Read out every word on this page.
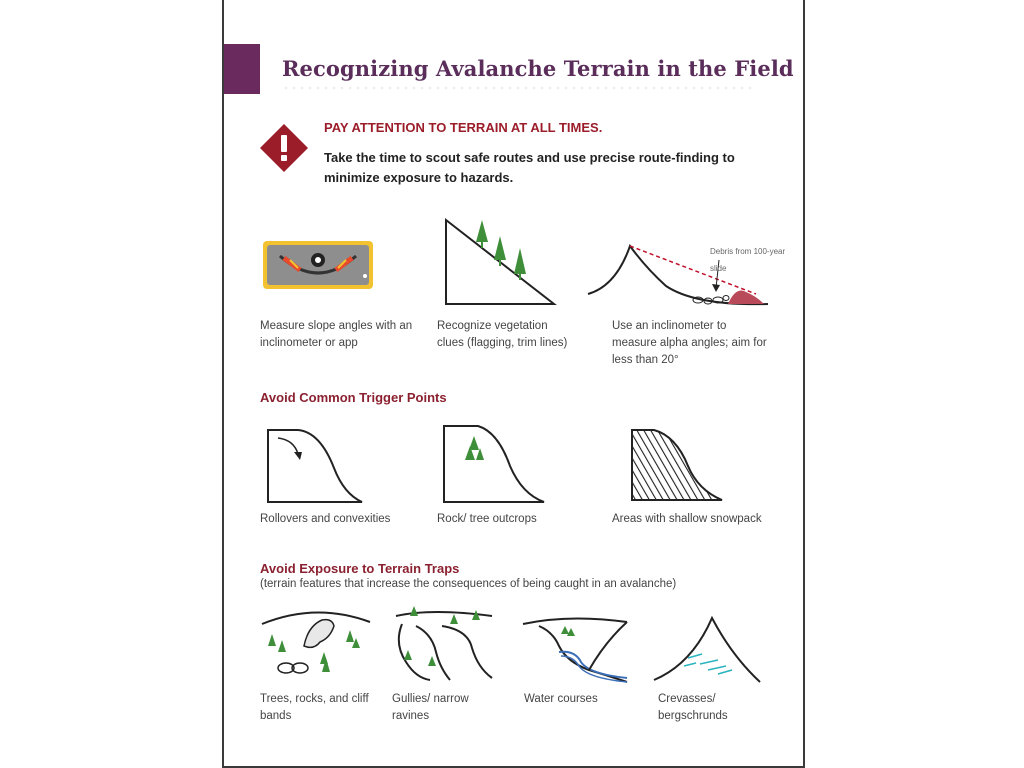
Recognizing Avalanche Terrain in the Field
PAY ATTENTION TO TERRAIN AT ALL TIMES.
Take the time to scout safe routes and use precise route-finding to minimize exposure to hazards.
Debris from 100-year slide
Measure slope angles with an inclinometer or app
Recognize vegetation clues (flagging, trim lines)
Use an inclinometer to measure alpha angles; aim for less than 20°
Avoid Common Trigger Points
Rollovers and convexities	Rock/ tree outcrops	Areas with shallow snowpack
Avoid Exposure to Terrain Traps
(terrain features that increase the consequences of being caught in an avalanche)
Trees, rocks, and cliff bands
Gullies/ narrow ravines
Water courses	Crevasses/ bergschrunds
